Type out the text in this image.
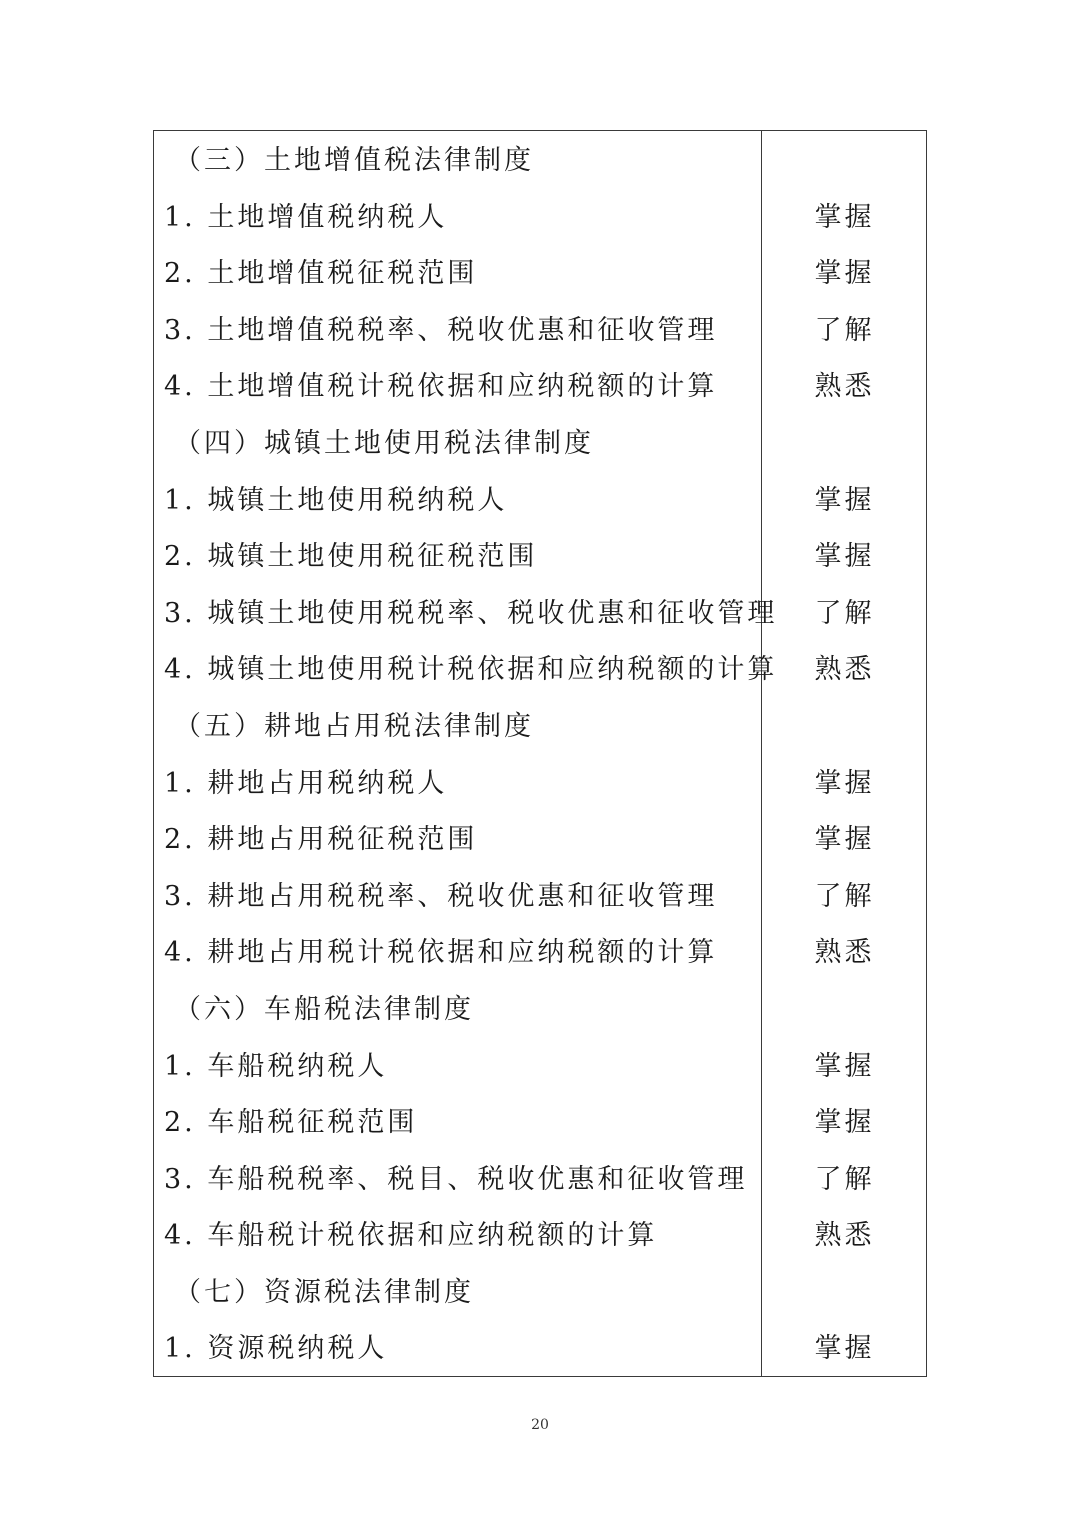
（三）土地增值税法律制度
1. 土地增值税纳税人	掌握
2. 土地增值税征税范围	掌握
3. 土地增值税税率、税收优惠和征收管理	了解
4. 土地增值税计税依据和应纳税额的计算	熟悉
（四）城镇土地使用税法律制度
1. 城镇土地使用税纳税人	掌握
2. 城镇土地使用税征税范围	掌握
3. 城镇土地使用税税率、税收优惠和征收管理	了解
4. 城镇土地使用税计税依据和应纳税额的计算	熟悉
（五）耕地占用税法律制度
1. 耕地占用税纳税人	掌握
2. 耕地占用税征税范围	掌握
3. 耕地占用税税率、税收优惠和征收管理	了解
4. 耕地占用税计税依据和应纳税额的计算	熟悉
（六）车船税法律制度
1. 车船税纳税人	掌握
2. 车船税征税范围	掌握
3. 车船税税率、税目、税收优惠和征收管理	了解
4. 车船税计税依据和应纳税额的计算	熟悉
（七）资源税法律制度
1. 资源税纳税人	掌握
20
